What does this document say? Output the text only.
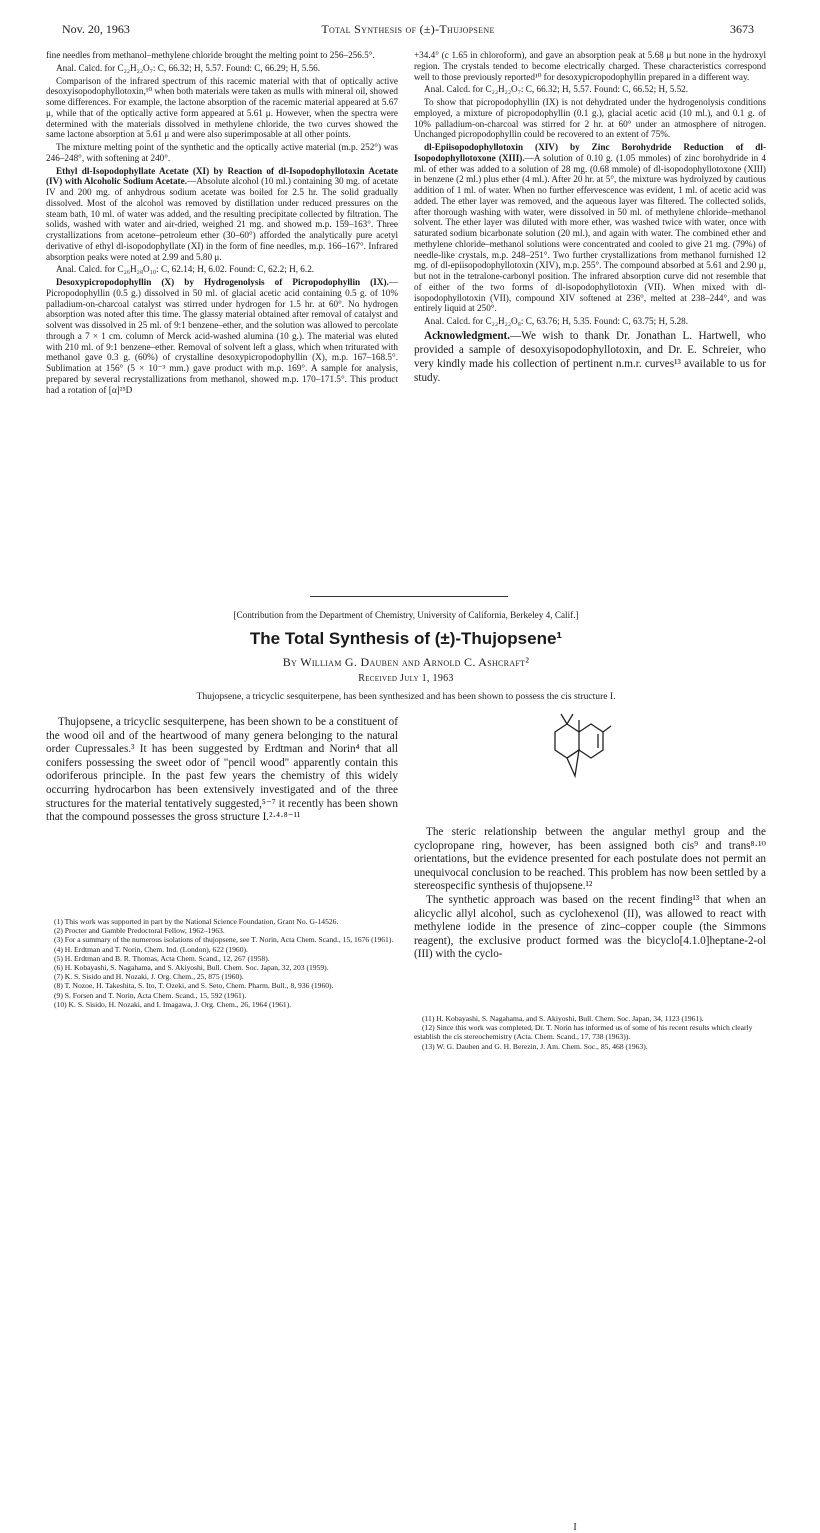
Nov. 20, 1963	Total Synthesis of (±)-Thujopsene	3673

fine needles from methanol–methylene chloride brought the melting point to 256–256.5°.

Anal. Calcd. for C₂₂H₂₂O₇: C, 66.32; H, 5.57. Found: C, 66.29; H, 5.56.

Comparison of the infrared spectrum of this racemic material with that of optically active desoxyisopodophyllotoxin,¹⁰ when both materials were taken as mulls with mineral oil, showed some differences. For example, the lactone absorption of the racemic material appeared at 5.67 μ, while that of the optically active form appeared at 5.61 μ. However, when the spectra were determined with the materials dissolved in methylene chloride, the two curves showed the same lactone absorption at 5.61 μ and were also superimposable at all other points.

The mixture melting point of the synthetic and the optically active material (m.p. 252°) was 246–248°, with softening at 240°.

Ethyl dl-Isopodophyllate Acetate (XI) by Reaction of dl-Isopodophyllotoxin Acetate (IV) with Alcoholic Sodium Acetate.—Absolute alcohol (10 ml.) containing 30 mg. of acetate IV and 200 mg. of anhydrous sodium acetate was boiled for 2.5 hr. The solid gradually dissolved. Most of the alcohol was removed by distillation under reduced pressures on the steam bath, 10 ml. of water was added, and the resulting precipitate collected by filtration. The solids, washed with water and air-dried, weighed 21 mg. and showed m.p. 159–163°. Three crystallizations from acetone–petroleum ether (30–60°) afforded the analytically pure acetyl derivative of ethyl dl-isopodophyllate (XI) in the form of fine needles, m.p. 166–167°. Infrared absorption peaks were noted at 2.99 and 5.80 μ.

Anal. Calcd. for C₂₆H₂₈O₁₀: C, 62.14; H, 6.02. Found: C, 62.2; H, 6.2.

Desoxypicropodophyllin (X) by Hydrogenolysis of Picropodophyllin (IX).—Picropodophyllin (0.5 g.) dissolved in 50 ml. of glacial acetic acid containing 0.5 g. of 10% palladium-on-charcoal catalyst was stirred under hydrogen for 1.5 hr. at 60°. No hydrogen absorption was noted after this time. The glassy material obtained after removal of catalyst and solvent was dissolved in 25 ml. of 9:1 benzene–ether, and the solution was allowed to percolate through a 7 × 1 cm. column of Merck acid-washed alumina (10 g.). The material was eluted with 210 ml. of 9:1 benzene–ether. Removal of solvent left a glass, which when triturated with methanol gave 0.3 g. (60%) of crystalline desoxypicropodophyllin (X), m.p. 167–168.5°. Sublimation at 156° (5 × 10⁻³ mm.) gave product with m.p. 169°. A sample for analysis, prepared by several recrystallizations from methanol, showed m.p. 170–171.5°. This product had a rotation of [α]²⁵D

+34.4° (c 1.65 in chloroform), and gave an absorption peak at 5.68 μ but none in the hydroxyl region. The crystals tended to become electrically charged. These characteristics correspond well to those previously reported¹⁰ for desoxypicropodophyllin prepared in a different way.

Anal. Calcd. for C₂₂H₂₂O₇: C, 66.32; H, 5.57. Found: C, 66.52; H, 5.52.

To show that picropodophyllin (IX) is not dehydrated under the hydrogenolysis conditions employed, a mixture of picropodophyllin (0.1 g.), glacial acetic acid (10 ml.), and 0.1 g. of 10% palladium-on-charcoal was stirred for 2 hr. at 60° under an atmosphere of nitrogen. Unchanged picropodophyllin could be recovered to an extent of 75%.

dl-Epiisopodophyllotoxin (XIV) by Zinc Borohydride Reduction of dl-Isopodophyllotoxone (XIII).—A solution of 0.10 g. (1.05 mmoles) of zinc borohydride in 4 ml. of ether was added to a solution of 28 mg. (0.68 mmole) of dl-isopodophyllotoxone (XIII) in benzene (2 ml.) plus ether (4 ml.). After 20 hr. at 5°, the mixture was hydrolyzed by cautious addition of 1 ml. of water. When no further effervescence was evident, 1 ml. of acetic acid was added. The ether layer was removed, and the aqueous layer was filtered. The collected solids, after thorough washing with water, were dissolved in 50 ml. of methylene chloride–methanol solvent. The ether layer was diluted with more ether, was washed twice with water, once with saturated sodium bicarbonate solution (20 ml.), and again with water. The combined ether and methylene chloride–methanol solutions were concentrated and cooled to give 21 mg. (79%) of needle-like crystals, m.p. 248–251°. Two further crystallizations from methanol furnished 12 mg. of dl-epiisopodophyllotoxin (XIV), m.p. 255°. The compound absorbed at 5.61 and 2.90 μ, but not in the tetralone-carbonyl position. The infrared absorption curve did not resemble that of either of the two forms of dl-isopodophyllotoxin (VII). When mixed with dl-isopodophyllotoxin (VII), compound XIV softened at 236°, melted at 238–244°, and was entirely liquid at 250°.

Anal. Calcd. for C₂₂H₂₂O₈: C, 63.76; H, 5.35. Found: C, 63.75; H, 5.28.

Acknowledgment.—We wish to thank Dr. Jonathan L. Hartwell, who provided a sample of desoxyisopodophyllotoxin, and Dr. E. Schreier, who very kindly made his collection of pertinent n.m.r. curves¹³ available to us for study.

[Contribution from the Department of Chemistry, University of California, Berkeley 4, Calif.]
The Total Synthesis of (±)-Thujopsene¹
By William G. Dauben and Arnold C. Ashcraft²
Received July 1, 1963
Thujopsene, a tricyclic sesquiterpene, has been synthesized and has been shown to possess the cis structure I.

Thujopsene, a tricyclic sesquiterpene, has been shown to be a constituent of the wood oil and of the heartwood of many genera belonging to the natural order Cupressales.³ It has been suggested by Erdtman and Norin⁴ that all conifers possessing the sweet odor of "pencil wood" apparently contain this odoriferous principle. In the past few years the chemistry of this widely occurring hydrocarbon has been extensively investigated and of the three structures for the material tentatively suggested,⁵⁻⁷ it recently has been shown that the compound possesses the gross structure I.²·⁴·⁸⁻¹¹

(1) This work was supported in part by the National Science Foundation, Grant No. G-14526.
(2) Procter and Gamble Predoctoral Fellow, 1962–1963.
(3) For a summary of the numerous isolations of thujopsene, see T. Norin, Acta Chem. Scand., 15, 1676 (1961).
(4) H. Erdtman and T. Norin, Chem. Ind. (London), 622 (1960).
(5) H. Erdtman and B. R. Thomas, Acta Chem. Scand., 12, 267 (1958).
(6) H. Kobayashi, S. Nagahama, and S. Akiyoshi, Bull. Chem. Soc. Japan, 32, 203 (1959).
(7) K. S. Sisido and H. Nozaki, J. Org. Chem., 25, 875 (1960).
(8) T. Nozoe, H. Takeshita, S. Ito, T. Ozeki, and S. Seto, Chem. Pharm. Bull., 8, 936 (1960).
(9) S. Forsen and T. Norin, Acta Chem. Scand., 15, 592 (1961).
(10) K. S. Sisido, H. Nozaki, and I. Imagawa, J. Org. Chem., 26, 1964 (1961).
I

The steric relationship between the angular methyl group and the cyclopropane ring, however, has been assigned both cis⁹ and trans⁸·¹⁰ orientations, but the evidence presented for each postulate does not permit an unequivocal conclusion to be reached. This problem has now been settled by a stereospecific synthesis of thujopsene.¹²

The synthetic approach was based on the recent finding¹³ that when an alicyclic allyl alcohol, such as cyclohexenol (II), was allowed to react with methylene iodide in the presence of zinc–copper couple (the Simmons reagent), the exclusive product formed was the bicyclo[4.1.0]heptane-2-ol (III) with the cyclo-

(11) H. Kobayashi, S. Nagahama, and S. Akiyoshi, Bull. Chem. Soc. Japan, 34, 1123 (1961).
(12) Since this work was completed, Dr. T. Norin has informed us of some of his recent results which clearly establish the cis stereochemistry (Acta. Chem. Scand., 17, 738 (1963)).
(13) W. G. Dauben and G. H. Berezin, J. Am. Chem. Soc., 85, 468 (1963).
